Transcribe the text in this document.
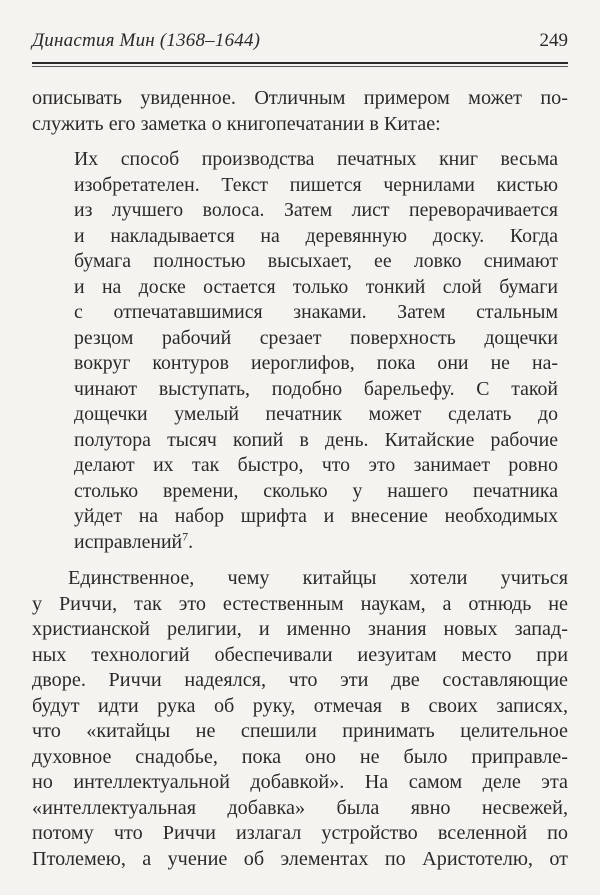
Династия Мин (1368–1644)	249
описывать увиденное. Отличным примером может по-
служить его заметка о книгопечатании в Китае:
Их способ производства печатных книг весьма
изобретателен. Текст пишется чернилами кистью
из лучшего волоса. Затем лист переворачивается
и накладывается на деревянную доску. Когда
бумага полностью высыхает, ее ловко снимают
и на доске остается только тонкий слой бумаги
с отпечатавшимися знаками. Затем стальным
резцом рабочий срезает поверхность дощечки
вокруг контуров иероглифов, пока они не на-
чинают выступать, подобно барельефу. С такой
дощечки умелый печатник может сделать до
полутора тысяч копий в день. Китайские рабочие
делают их так быстро, что это занимает ровно
столько времени, сколько у нашего печатника
уйдет на набор шрифта и внесение необходимых
исправлений$^7$.
Единственное, чему китайцы хотели учиться
у Риччи, так это естественным наукам, а отнюдь не
христианской религии, и именно знания новых запад-
ных технологий обеспечивали иезуитам место при
дворе. Риччи надеялся, что эти две составляющие
будут идти рука об руку, отмечая в своих записях,
что «китайцы не спешили принимать целительное
духовное снадобье, пока оно не было приправле-
но интеллектуальной добавкой». На самом деле эта
«интеллектуальная добавка» была явно несвежей,
потому что Риччи излагал устройство вселенной по
Птолемею, а учение об элементах по Аристотелю, от
